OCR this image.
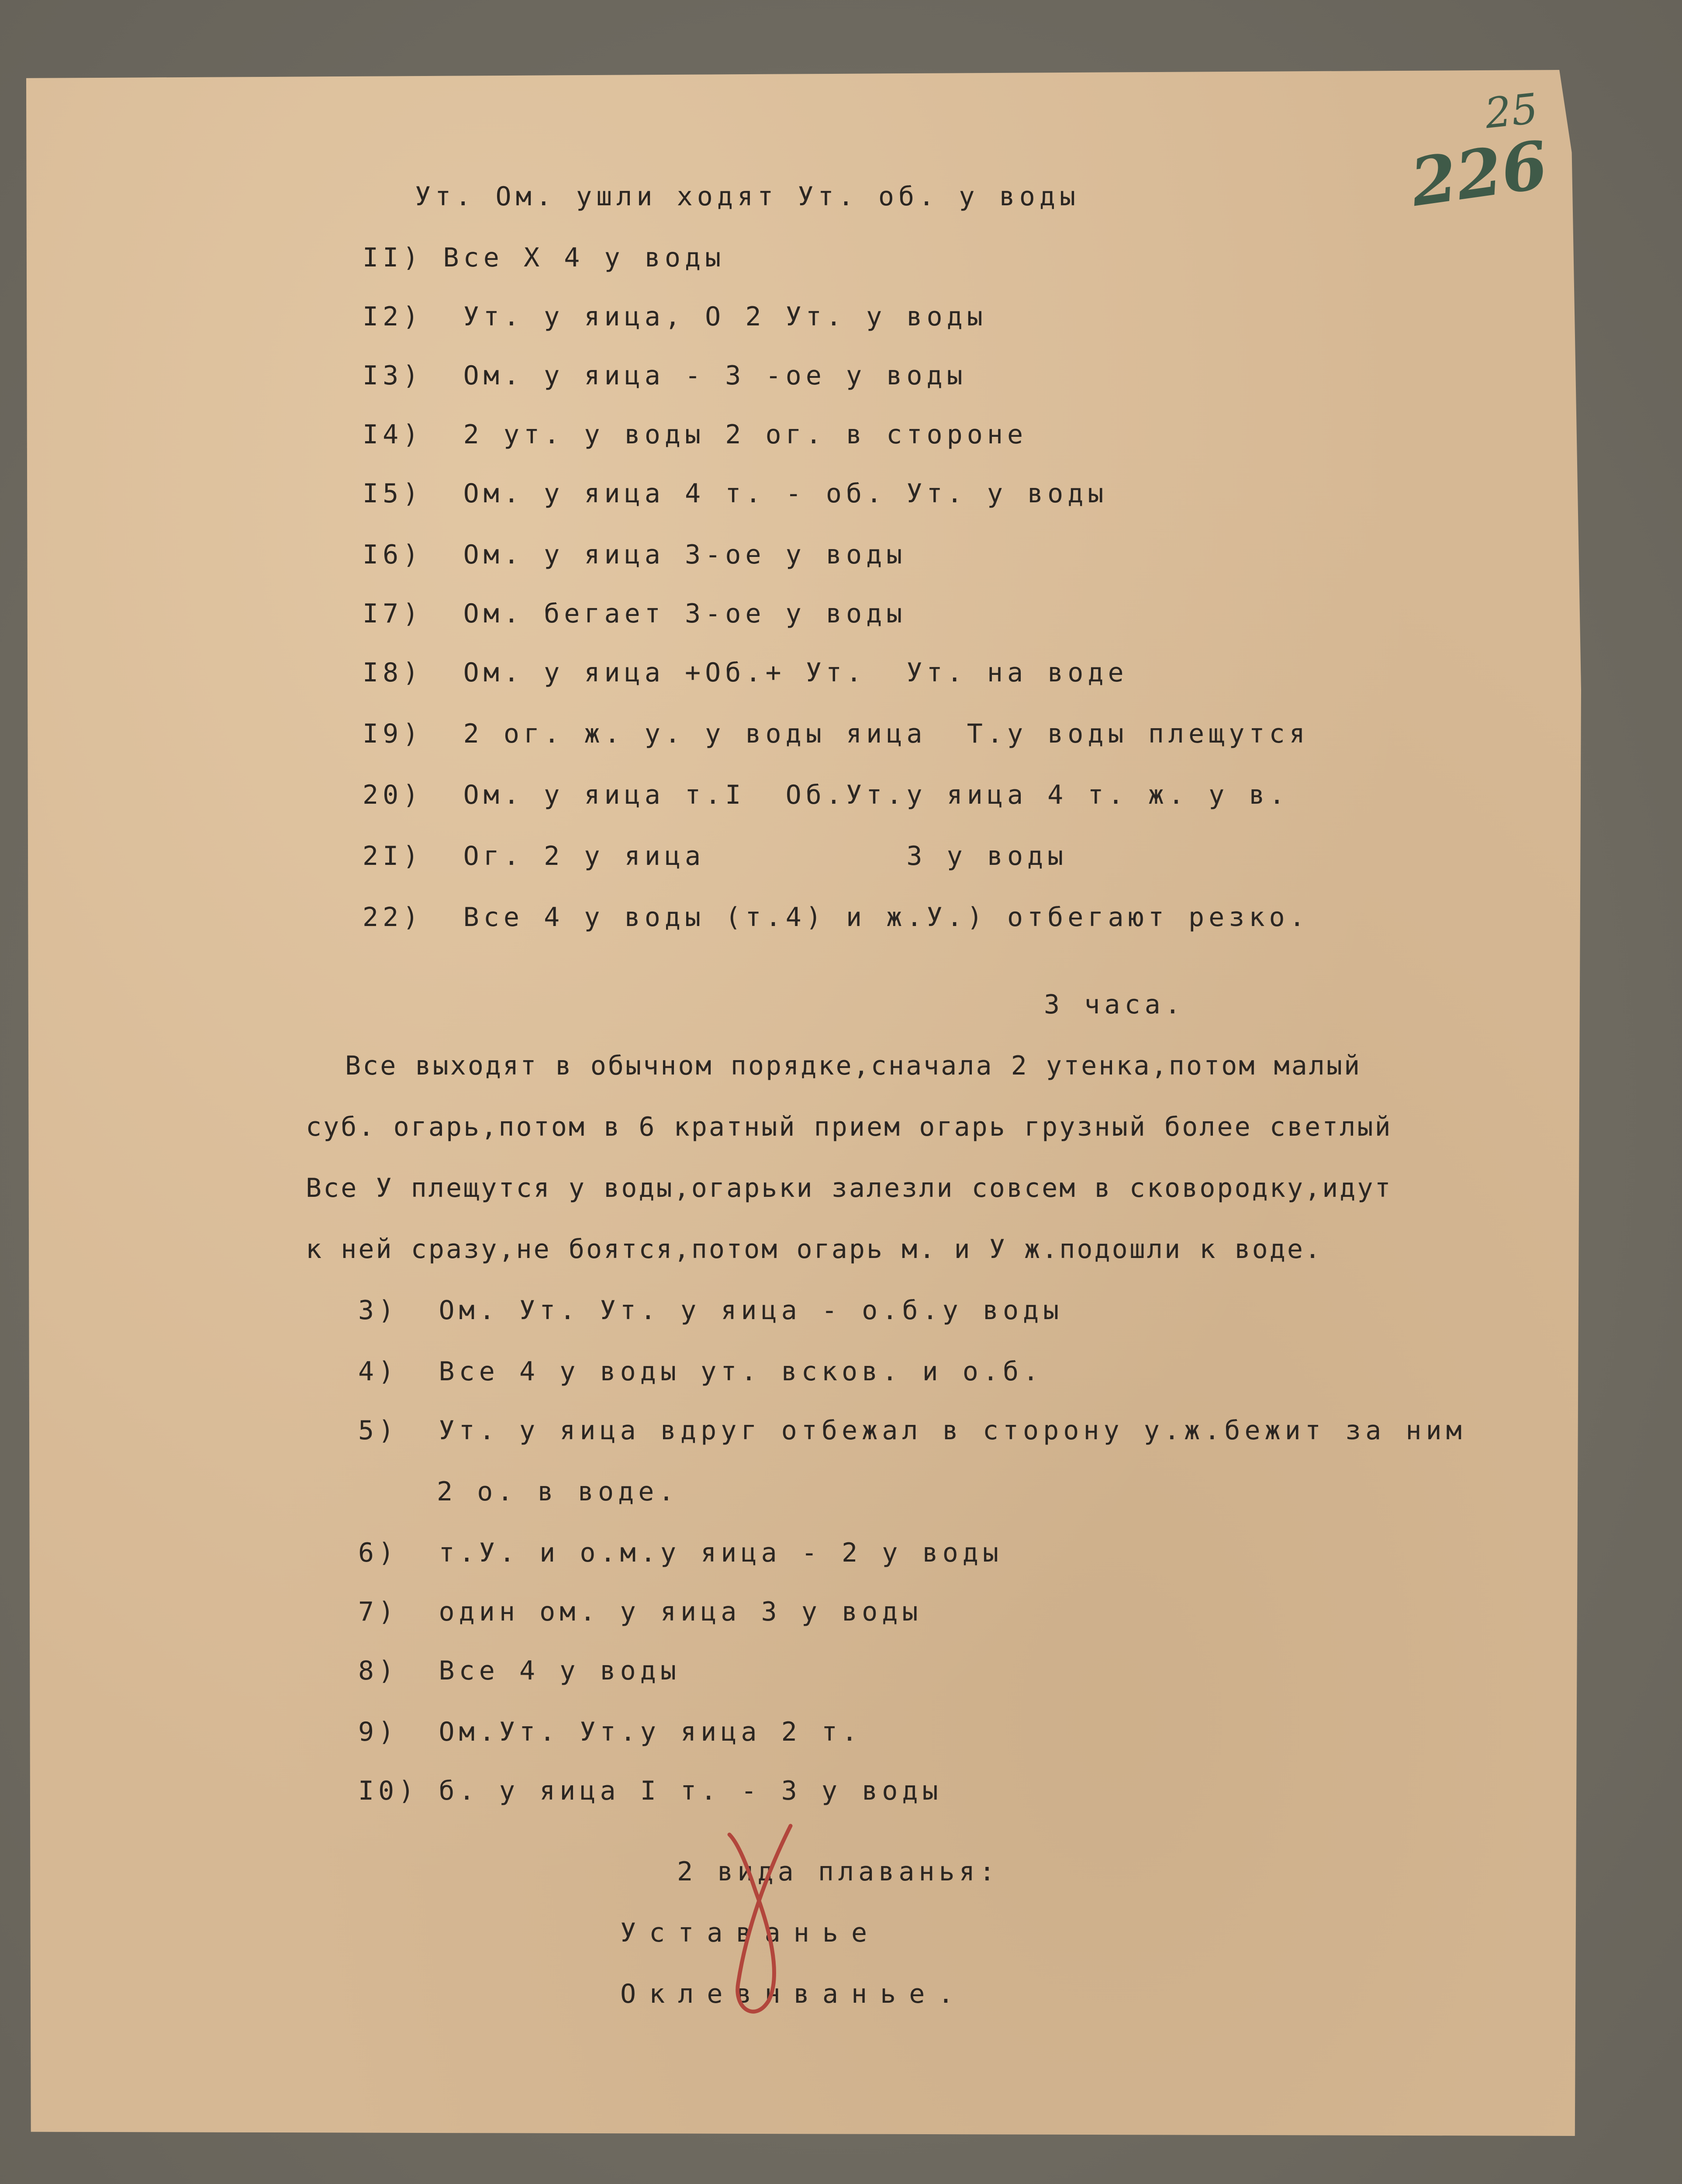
25
226

Ут. Ом. ушли ходят Ут. об. у воды

II) Все Х 4 у воды

I2)  Ут. у яица, О 2 Ут. у воды

I3)  Ом. у яица - 3 -ое у воды

I4)  2 ут. у воды 2 ог. в стороне

I5)  Ом. у яица 4 т. - об. Ут. у воды

I6)  Ом. у яица 3-ое у воды

I7)  Ом. бегает 3-ое у воды

I8)  Ом. у яица +Об.+ Ут.  Ут. на воде

I9)  2 ог. ж. у. у воды яица  Т.у воды плещутся

20)  Ом. у яица т.I  Об.Ут.у яица 4 т. ж. у в.

2I)  Ог. 2 у яица          3 у воды

22)  Все 4 у воды (т.4) и ж.У.) отбегают резко.

3 часа.

Все выходят в обычном порядке,сначала 2 утенка,потом малый

суб. огарь,потом в 6 кратный прием огарь грузный более светлый

Все У плещутся у воды,огарьки залезли совсем в сковородку,идут

к ней сразу,не боятся,потом огарь м. и У ж.подошли к воде.

3)  Ом. Ут. Ут. у яица - о.б.у воды

4)  Все 4 у воды ут. всков. и о.б.

5)  Ут. у яица вдруг отбежал в сторону у.ж.бежит за ним

2 о. в воде.

6)  т.У. и о.м.у яица - 2 у воды

7)  один ом. у яица 3 у воды

8)  Все 4 у воды

9)  Ом.Ут. Ут.у яица 2 т.

I0) б. у яица I т. - 3 у воды

2 вида плаванья:

Уставанье

Оклевнванье.
